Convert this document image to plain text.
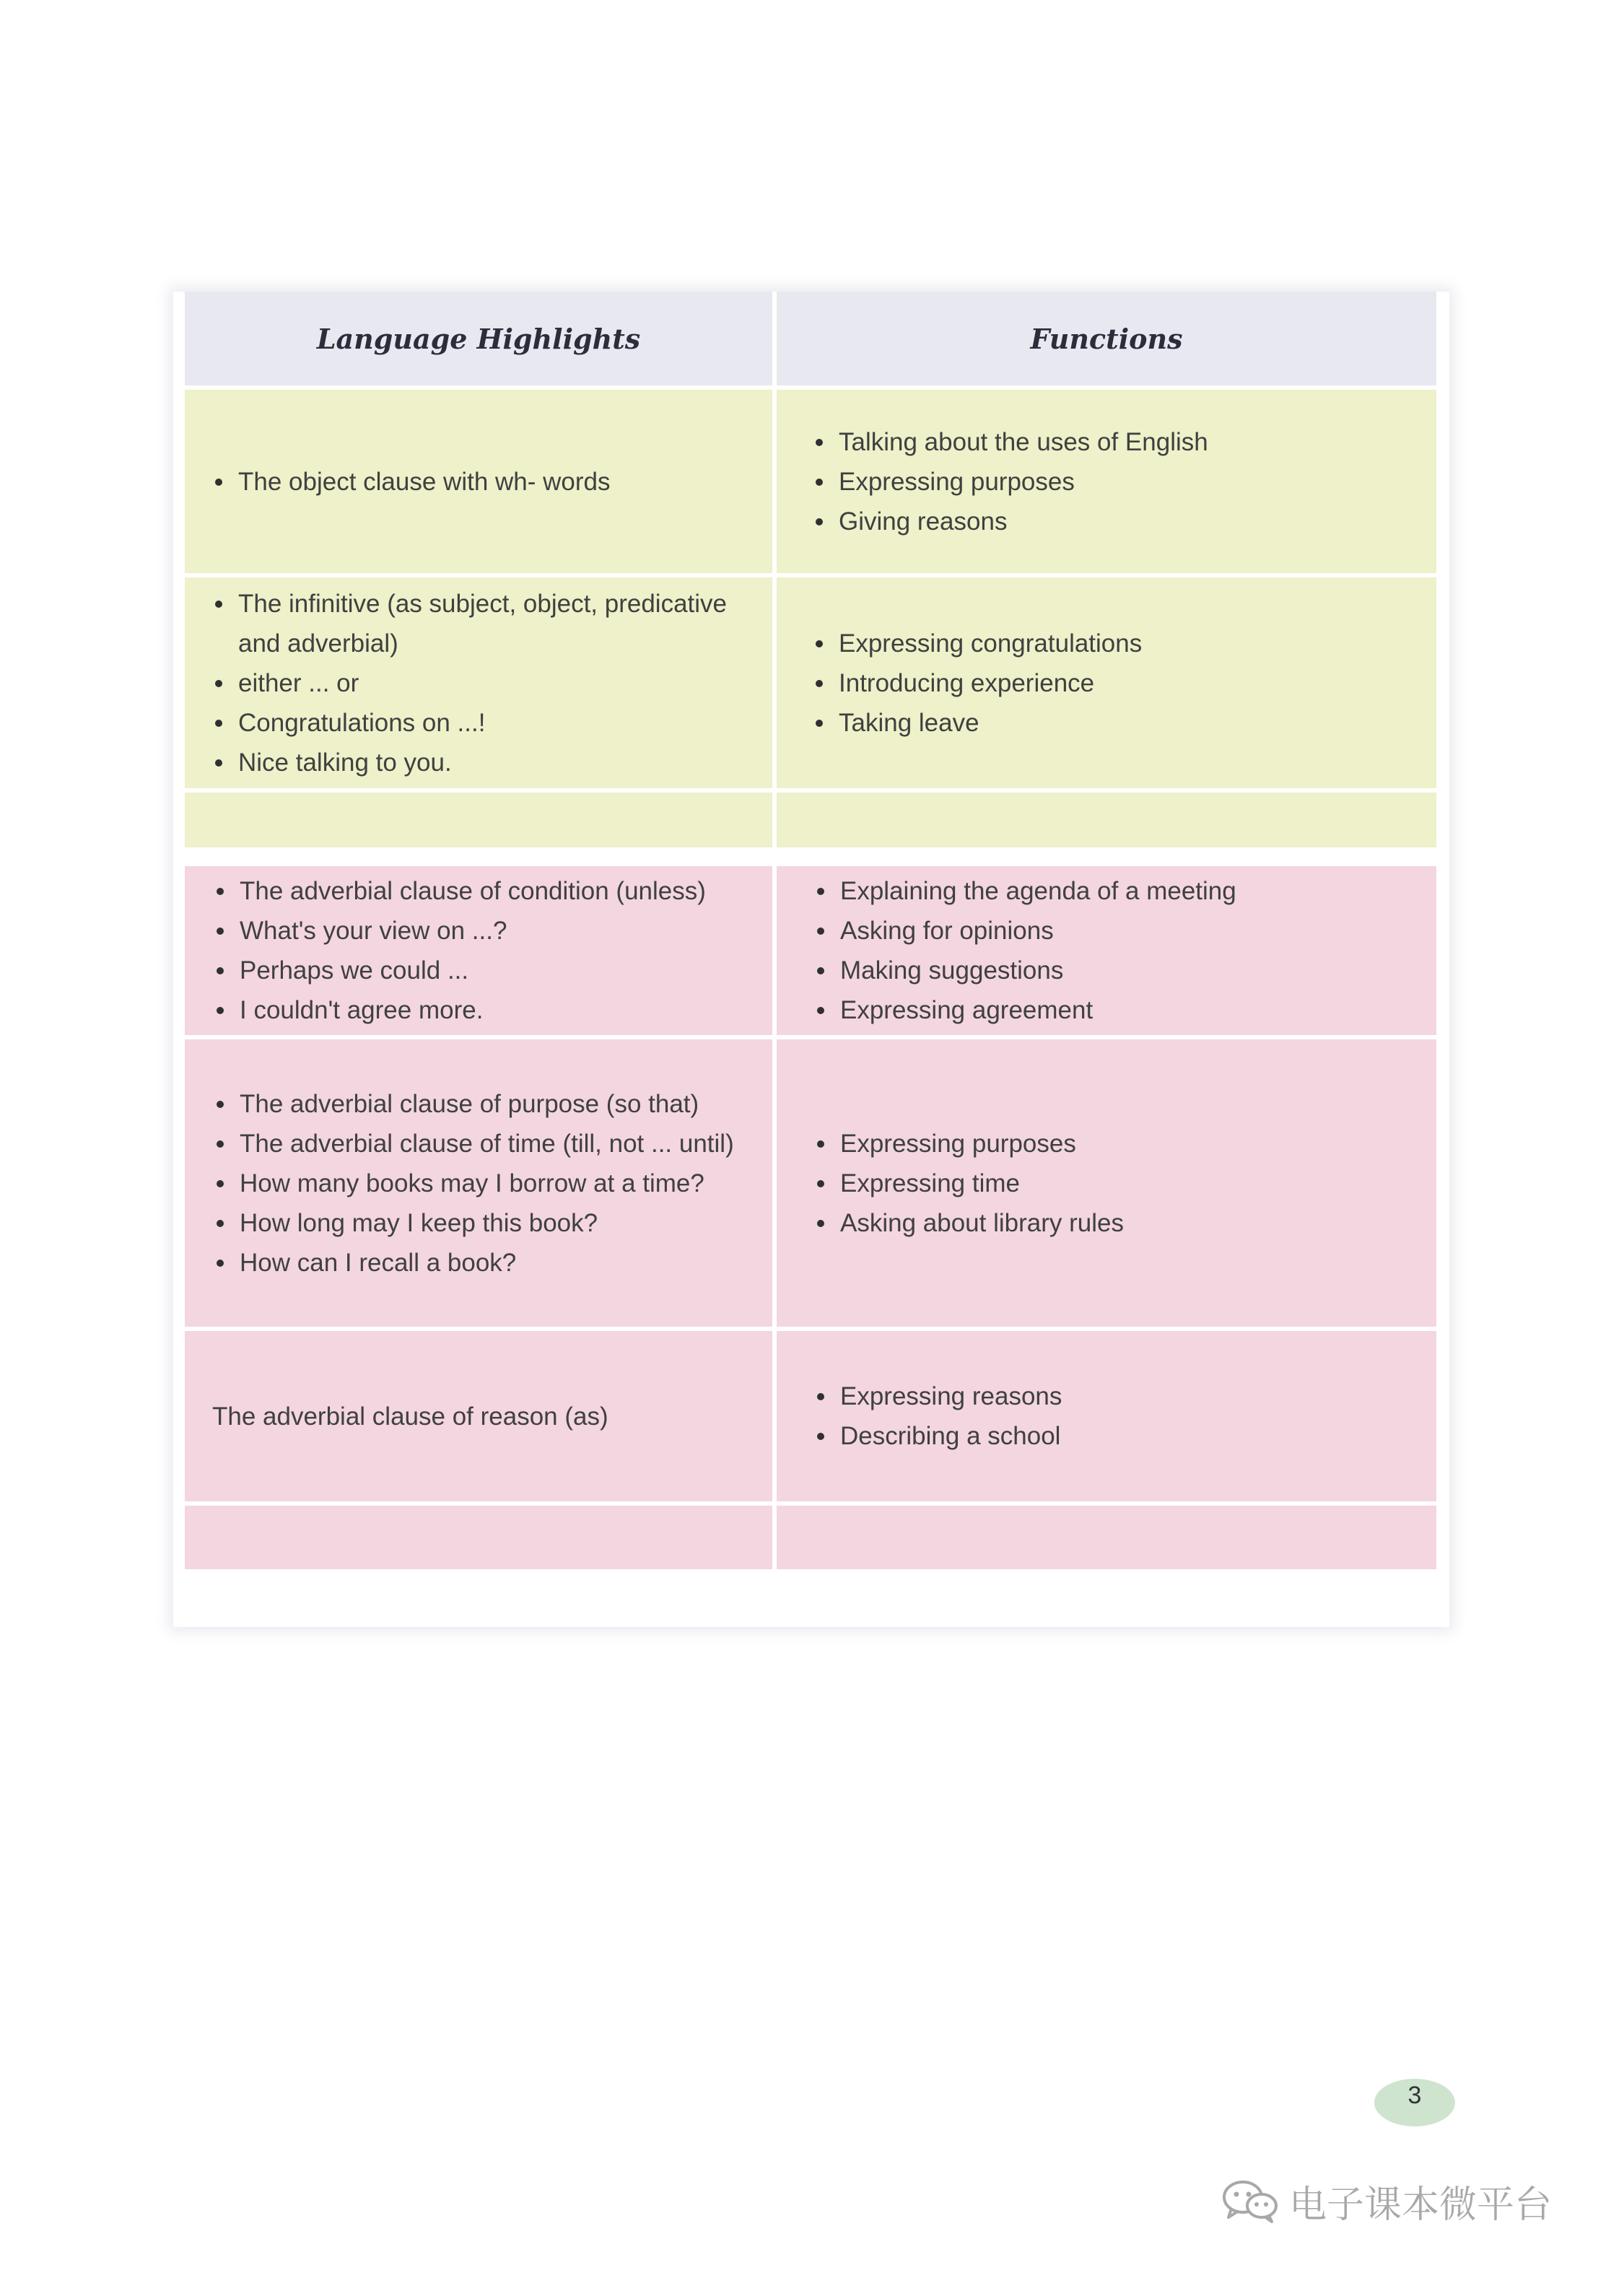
Language Highlights	Functions
The object clause with wh- words
Talking about the uses of English
Expressing purposes
Giving reasons
The infinitive (as subject, object, predicative and adverbial)
either ... or
Congratulations on ...!
Nice talking to you.
Expressing congratulations
Introducing experience
Taking leave
The adverbial clause of condition (unless)
What's your view on ...?
Perhaps we could ...
I couldn't agree more.
Explaining the agenda of a meeting
Asking for opinions
Making suggestions
Expressing agreement
The adverbial clause of purpose (so that)
The adverbial clause of time (till, not ... until)
How many books may I borrow at a time?
How long may I keep this book?
How can I recall a book?
Expressing purposes
Expressing time
Asking about library rules
The adverbial clause of reason (as)
Expressing reasons
Describing a school
3
电子课本微平台
